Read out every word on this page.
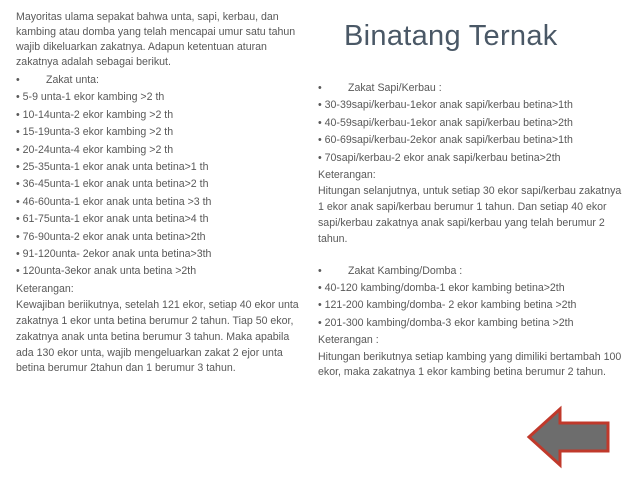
Binatang Ternak
Mayoritas ulama sepakat bahwa unta, sapi, kerbau, dan kambing atau domba yang telah mencapai umur satu tahun wajib dikeluarkan zakatnya. Adapun ketentuan aturan zakatnya adalah sebagai berikut.
• Zakat unta:
• 5-9 unta-1 ekor kambing >2 th
• 10-14unta-2 ekor kambing >2 th
• 15-19unta-3 ekor kambing >2 th
• 20-24unta-4 ekor kambing >2 th
• 25-35unta-1 ekor anak unta betina>1 th
• 36-45unta-1 ekor anak unta betina>2 th
• 46-60unta-1 ekor anak unta betina >3 th
• 61-75unta-1 ekor anak unta betina>4 th
• 76-90unta-2 ekor anak unta betina>2th
• 91-120unta- 2ekor anak unta betina>3th
• 120unta-3ekor anak unta betina >2th
Keterangan:
Kewajiban beriikutnya, setelah 121 ekor, setiap 40 ekor unta zakatnya 1 ekor unta betina berumur 2 tahun. Tiap 50 ekor, zakatnya anak unta betina berumur 3 tahun. Maka apabila ada 130 ekor unta, wajib mengeluarkan zakat 2 ejor unta betina berumur 2tahun dan 1 berumur 3 tahun.
• Zakat Sapi/Kerbau :
• 30-39sapi/kerbau-1ekor anak sapi/kerbau betina>1th
• 40-59sapi/kerbau-1ekor anak sapi/kerbau betina>2th
• 60-69sapi/kerbau-2ekor anak sapi/kerbau betina>1th
• 70sapi/kerbau-2 ekor anak sapi/kerbau betina>2th
Keterangan:
Hitungan selanjutnya, untuk setiap 30 ekor sapi/kerbau zakatnya 1 ekor anak sapi/kerbau berumur 1 tahun. Dan setiap 40 ekor sapi/kerbau zakatnya anak sapi/kerbau yang telah berumur 2 tahun.
• Zakat Kambing/Domba :
• 40-120 kambing/domba-1 ekor kambing betina>2th
• 121-200 kambing/domba- 2 ekor kambing betina >2th
• 201-300 kambing/domba-3 ekor kambing betina >2th
Keterangan :
Hitungan berikutnya setiap kambing yang dimiliki bertambah 100 ekor, maka zakatnya 1 ekor kambing betina berumur 2 tahun.
